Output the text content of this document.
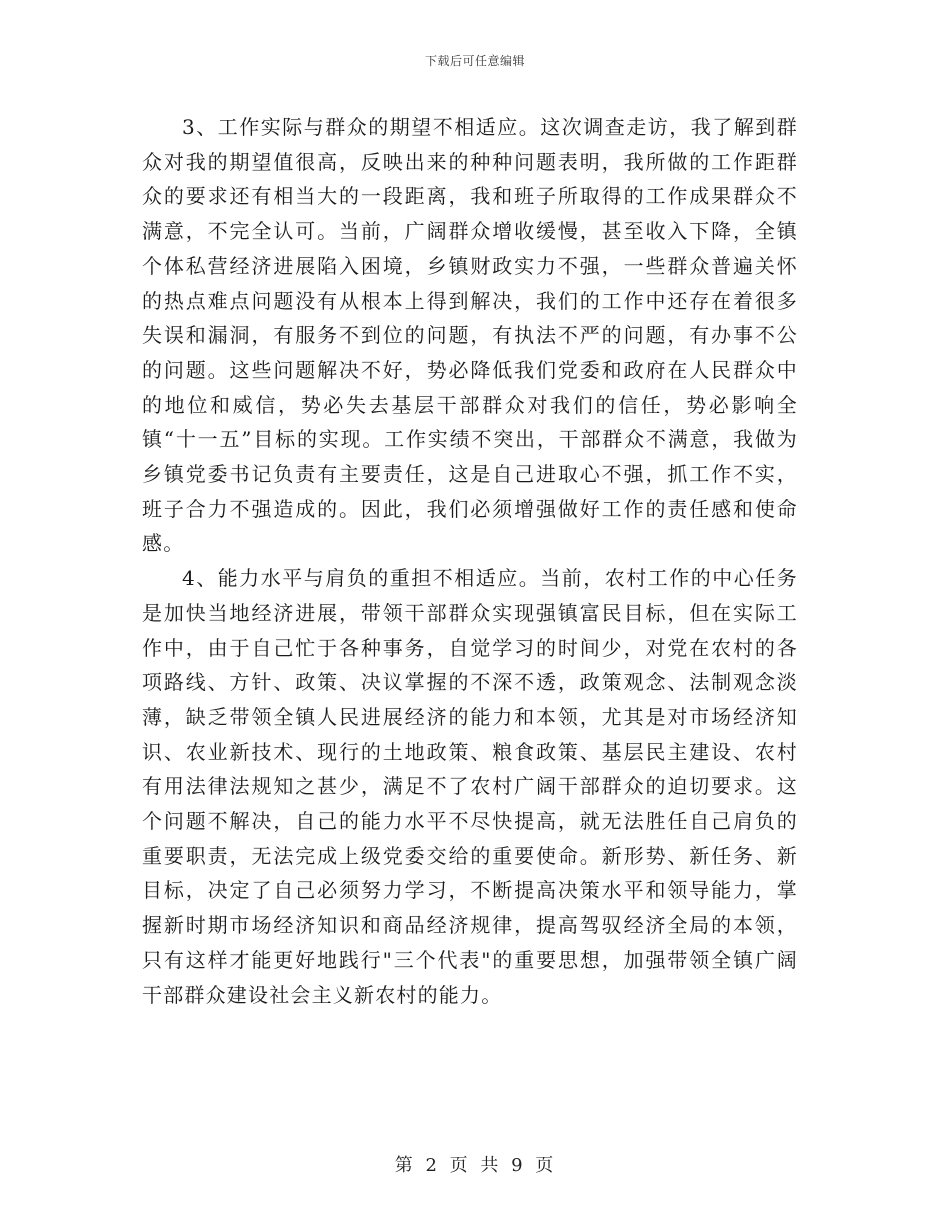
下载后可任意编辑

3、工作实际与群众的期望不相适应。这次调查走访，我了解到群众对我的期望值很高，反映出来的种种问题表明，我所做的工作距群众的要求还有相当大的一段距离，我和班子所取得的工作成果群众不满意，不完全认可。当前，广阔群众增收缓慢，甚至收入下降，全镇个体私营经济进展陷入困境，乡镇财政实力不强，一些群众普遍关怀的热点难点问题没有从根本上得到解决，我们的工作中还存在着很多失误和漏洞，有服务不到位的问题，有执法不严的问题，有办事不公的问题。这些问题解决不好，势必降低我们党委和政府在人民群众中的地位和威信，势必失去基层干部群众对我们的信任，势必影响全镇“十一五”目标的实现。工作实绩不突出，干部群众不满意，我做为乡镇党委书记负责有主要责任，这是自己进取心不强，抓工作不实，班子合力不强造成的。因此，我们必须增强做好工作的责任感和使命感。

4、能力水平与肩负的重担不相适应。当前，农村工作的中心任务是加快当地经济进展，带领干部群众实现强镇富民目标，但在实际工作中，由于自己忙于各种事务，自觉学习的时间少，对党在农村的各项路线、方针、政策、决议掌握的不深不透，政策观念、法制观念淡薄，缺乏带领全镇人民进展经济的能力和本领，尤其是对市场经济知识、农业新技术、现行的土地政策、粮食政策、基层民主建设、农村有用法律法规知之甚少，满足不了农村广阔干部群众的迫切要求。这个问题不解决，自己的能力水平不尽快提高，就无法胜任自己肩负的重要职责，无法完成上级党委交给的重要使命。新形势、新任务、新目标，决定了自己必须努力学习，不断提高决策水平和领导能力，掌握新时期市场经济知识和商品经济规律，提高驾驭经济全局的本领，只有这样才能更好地践行"三个代表"的重要思想，加强带领全镇广阔干部群众建设社会主义新农村的能力。

第 2 页 共 9 页
